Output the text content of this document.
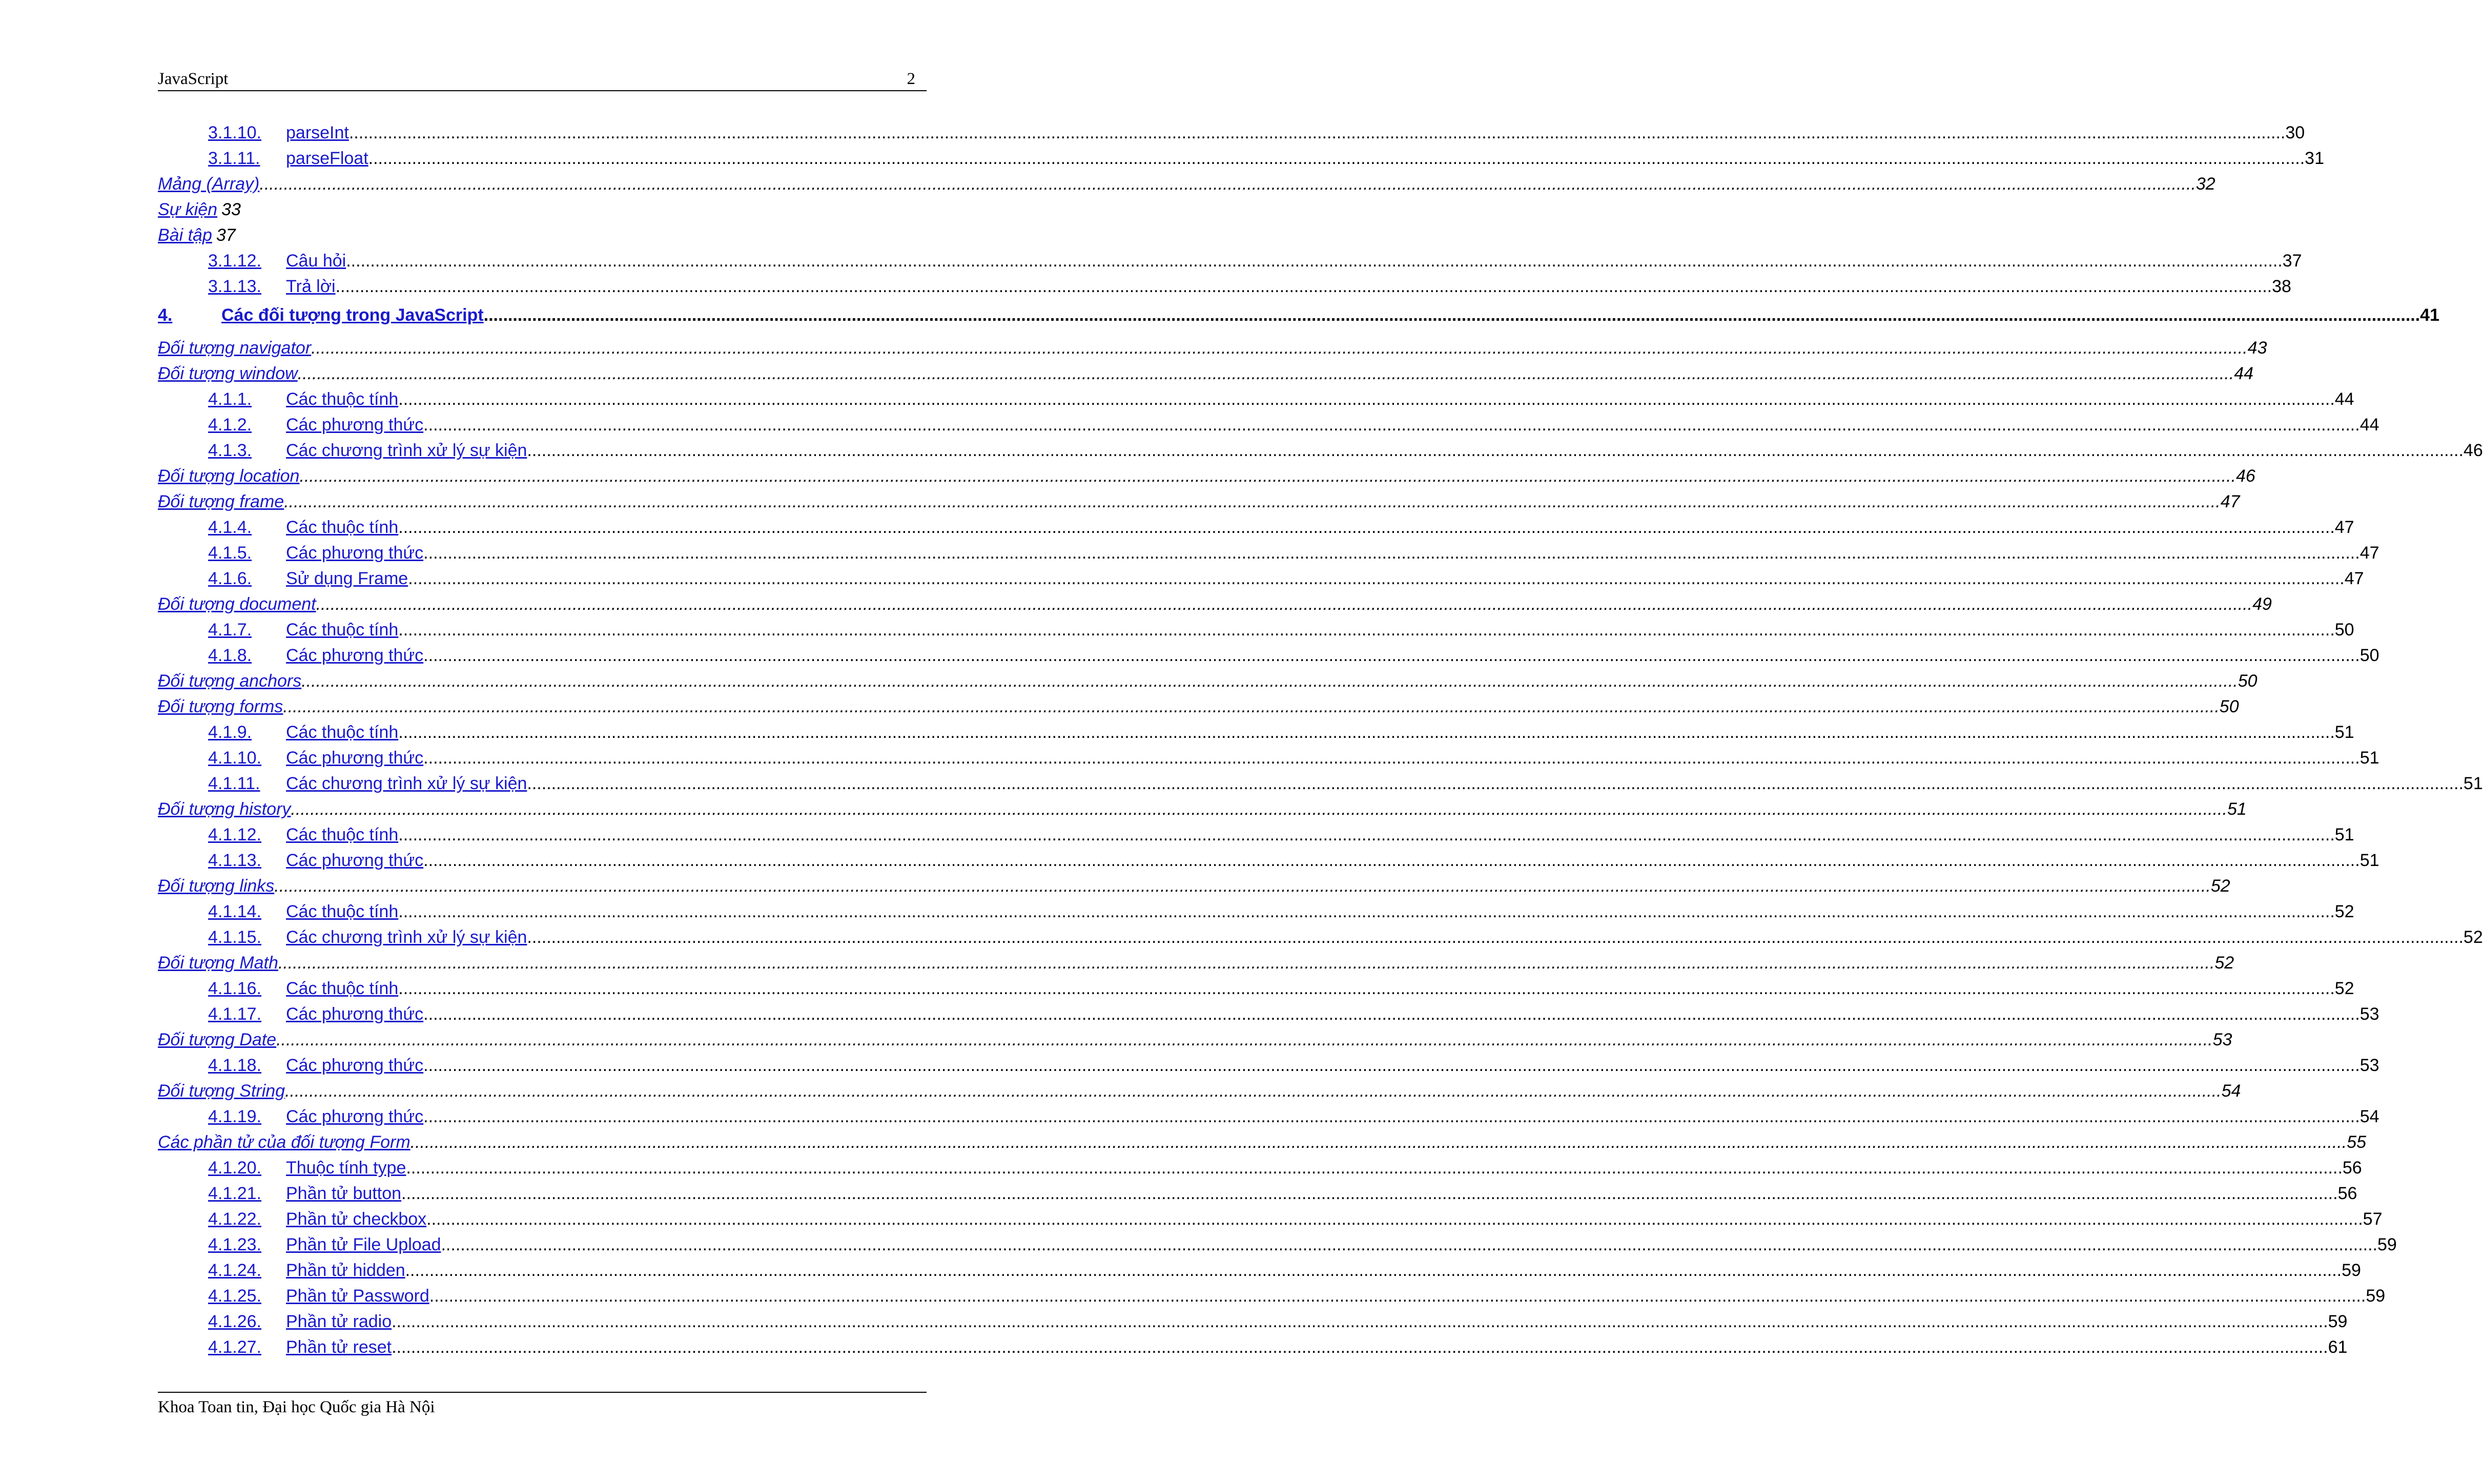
JavaScript	2
3.1.10. parseInt ................................................................................................................................................................................................................................................................................................................................................................................................................ 30
3.1.11. parseFloat ................................................................................................................................................................................................................................................................................................................................................................................................................ 31
Mảng (Array) ................................................................................................................................................................................................................................................................................................................................................................................................................ 32
Sự kiện 33
Bài tập 37
3.1.12. Câu hỏi ................................................................................................................................................................................................................................................................................................................................................................................................................ 37
3.1.13. Trả lời ................................................................................................................................................................................................................................................................................................................................................................................................................ 38
4.	Các đối tượng trong JavaScript ................................................................................................................................................................................................................................................................................................................................................................................................................ 41
Đối tượng navigator ................................................................................................................................................................................................................................................................................................................................................................................................................ 43
Đối tượng window ................................................................................................................................................................................................................................................................................................................................................................................................................ 44
4.1.1. Các thuộc tính ................................................................................................................................................................................................................................................................................................................................................................................................................ 44
4.1.2. Các phương thức ................................................................................................................................................................................................................................................................................................................................................................................................................ 44
4.1.3. Các chương trình xử lý sự kiện ................................................................................................................................................................................................................................................................................................................................................................................................................ 46
Đối tượng location ................................................................................................................................................................................................................................................................................................................................................................................................................ 46
Đối tượng frame ................................................................................................................................................................................................................................................................................................................................................................................................................ 47
4.1.4. Các thuộc tính ................................................................................................................................................................................................................................................................................................................................................................................................................ 47
4.1.5. Các phương thức ................................................................................................................................................................................................................................................................................................................................................................................................................ 47
4.1.6. Sử dụng Frame ................................................................................................................................................................................................................................................................................................................................................................................................................ 47
Đối tượng document ................................................................................................................................................................................................................................................................................................................................................................................................................ 49
4.1.7. Các thuộc tính ................................................................................................................................................................................................................................................................................................................................................................................................................ 50
4.1.8. Các phương thức ................................................................................................................................................................................................................................................................................................................................................................................................................ 50
Đối tượng anchors ................................................................................................................................................................................................................................................................................................................................................................................................................ 50
Đối tượng forms ................................................................................................................................................................................................................................................................................................................................................................................................................ 50
4.1.9. Các thuộc tính ................................................................................................................................................................................................................................................................................................................................................................................................................ 51
4.1.10. Các phương thức ................................................................................................................................................................................................................................................................................................................................................................................................................ 51
4.1.11. Các chương trình xử lý sự kiện ................................................................................................................................................................................................................................................................................................................................................................................................................ 51
Đối tượng history ................................................................................................................................................................................................................................................................................................................................................................................................................ 51
4.1.12. Các thuộc tính ................................................................................................................................................................................................................................................................................................................................................................................................................ 51
4.1.13. Các phương thức ................................................................................................................................................................................................................................................................................................................................................................................................................ 51
Đối tượng links ................................................................................................................................................................................................................................................................................................................................................................................................................ 52
4.1.14. Các thuộc tính ................................................................................................................................................................................................................................................................................................................................................................................................................ 52
4.1.15. Các chương trình xử lý sự kiện ................................................................................................................................................................................................................................................................................................................................................................................................................ 52
Đối tượng Math ................................................................................................................................................................................................................................................................................................................................................................................................................ 52
4.1.16. Các thuộc tính ................................................................................................................................................................................................................................................................................................................................................................................................................ 52
4.1.17. Các phương thức ................................................................................................................................................................................................................................................................................................................................................................................................................ 53
Đối tượng Date ................................................................................................................................................................................................................................................................................................................................................................................................................ 53
4.1.18. Các phương thức ................................................................................................................................................................................................................................................................................................................................................................................................................ 53
Đối tượng String ................................................................................................................................................................................................................................................................................................................................................................................................................ 54
4.1.19. Các phương thức ................................................................................................................................................................................................................................................................................................................................................................................................................ 54
Các phần tử của đối tượng Form ................................................................................................................................................................................................................................................................................................................................................................................................................ 55
4.1.20. Thuộc tính type ................................................................................................................................................................................................................................................................................................................................................................................................................ 56
4.1.21. Phần tử button ................................................................................................................................................................................................................................................................................................................................................................................................................ 56
4.1.22. Phần tử checkbox ................................................................................................................................................................................................................................................................................................................................................................................................................ 57
4.1.23. Phần tử File Upload ................................................................................................................................................................................................................................................................................................................................................................................................................ 59
4.1.24. Phần tử hidden ................................................................................................................................................................................................................................................................................................................................................................................................................ 59
4.1.25. Phần tử Password ................................................................................................................................................................................................................................................................................................................................................................................................................ 59
4.1.26. Phần tử radio ................................................................................................................................................................................................................................................................................................................................................................................................................ 59
4.1.27. Phần tử reset ................................................................................................................................................................................................................................................................................................................................................................................................................ 61
Khoa Toan tin, Đại học Quốc gia Hà Nội
